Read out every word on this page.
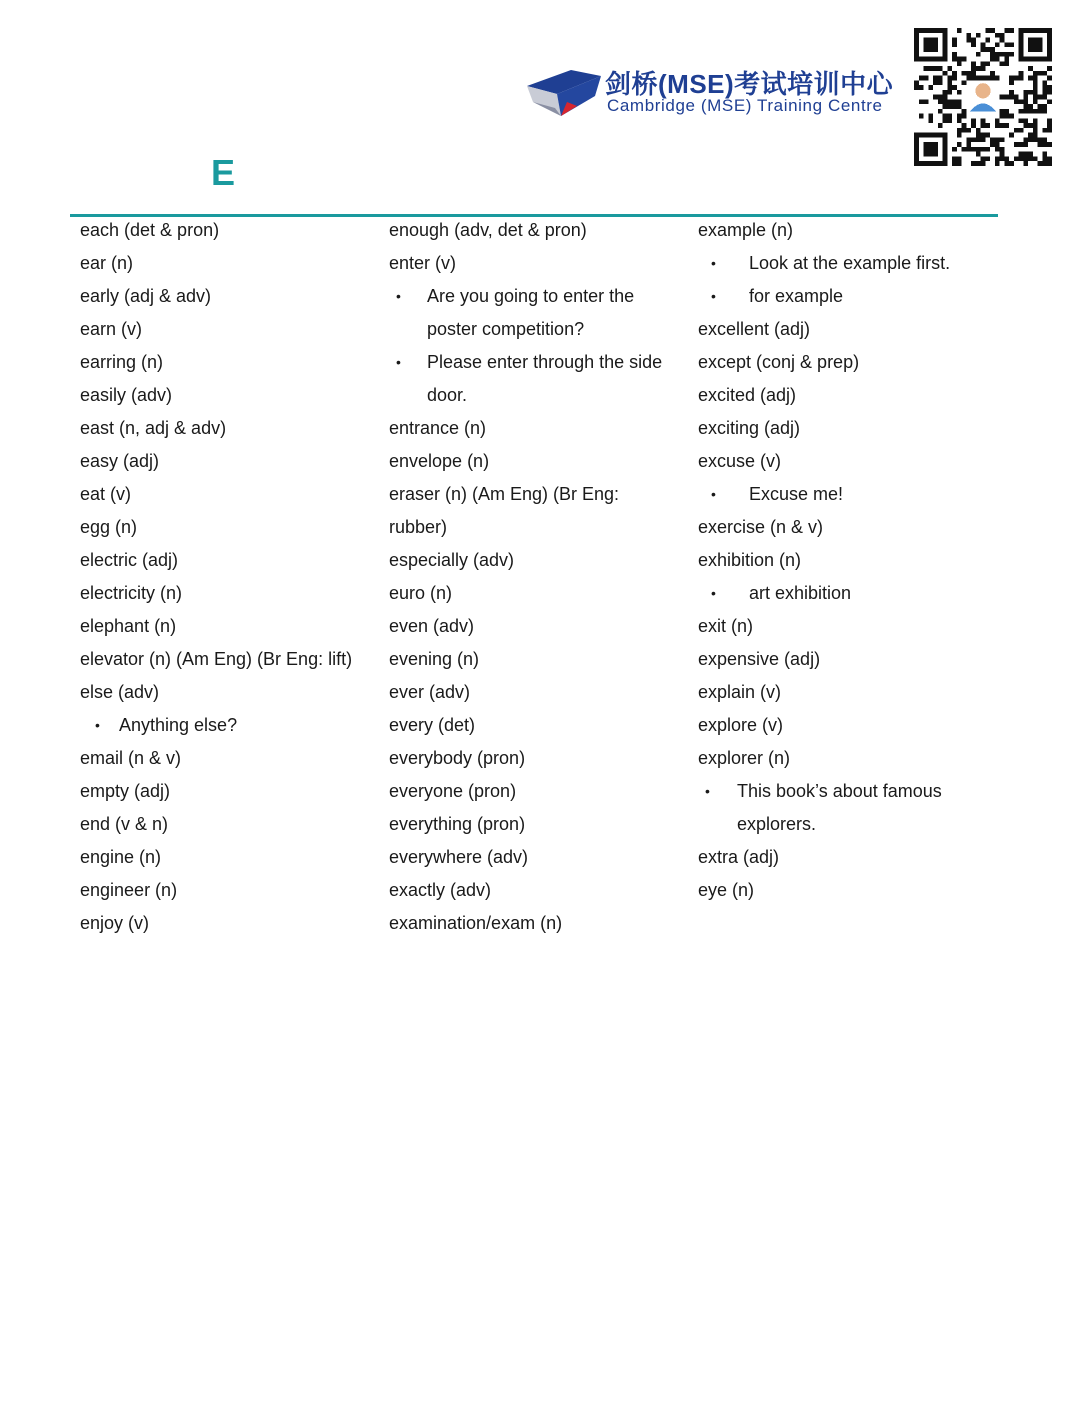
剑桥(MSE)考试培训中心
Cambridge (MSE) Training Centre
E
each (det & pron)
ear (n)
early (adj & adv)
earn (v)
earring (n)
easily (adv)
east (n, adj & adv)
easy (adj)
eat (v)
egg (n)
electric (adj)
electricity (n)
elephant (n)
elevator (n) (Am Eng) (Br Eng: lift)
else (adv)
• Anything else?
email (n & v)
empty (adj)
end (v & n)
engine (n)
engineer (n)
enjoy (v)
enough (adv, det & pron)
enter (v)
• Are you going to enter the
poster competition?
• Please enter through the side
door.
entrance (n)
envelope (n)
eraser (n) (Am Eng) (Br Eng:
rubber)
especially (adv)
euro (n)
even (adv)
evening (n)
ever (adv)
every (det)
everybody (pron)
everyone (pron)
everything (pron)
everywhere (adv)
exactly (adv)
examination/exam (n)
example (n)
• Look at the example first.
• for example
excellent (adj)
except (conj & prep)
excited (adj)
exciting (adj)
excuse (v)
• Excuse me!
exercise (n & v)
exhibition (n)
• art exhibition
exit (n)
expensive (adj)
explain (v)
explore (v)
explorer (n)
• This book’s about famous
explorers.
extra (adj)
eye (n)
